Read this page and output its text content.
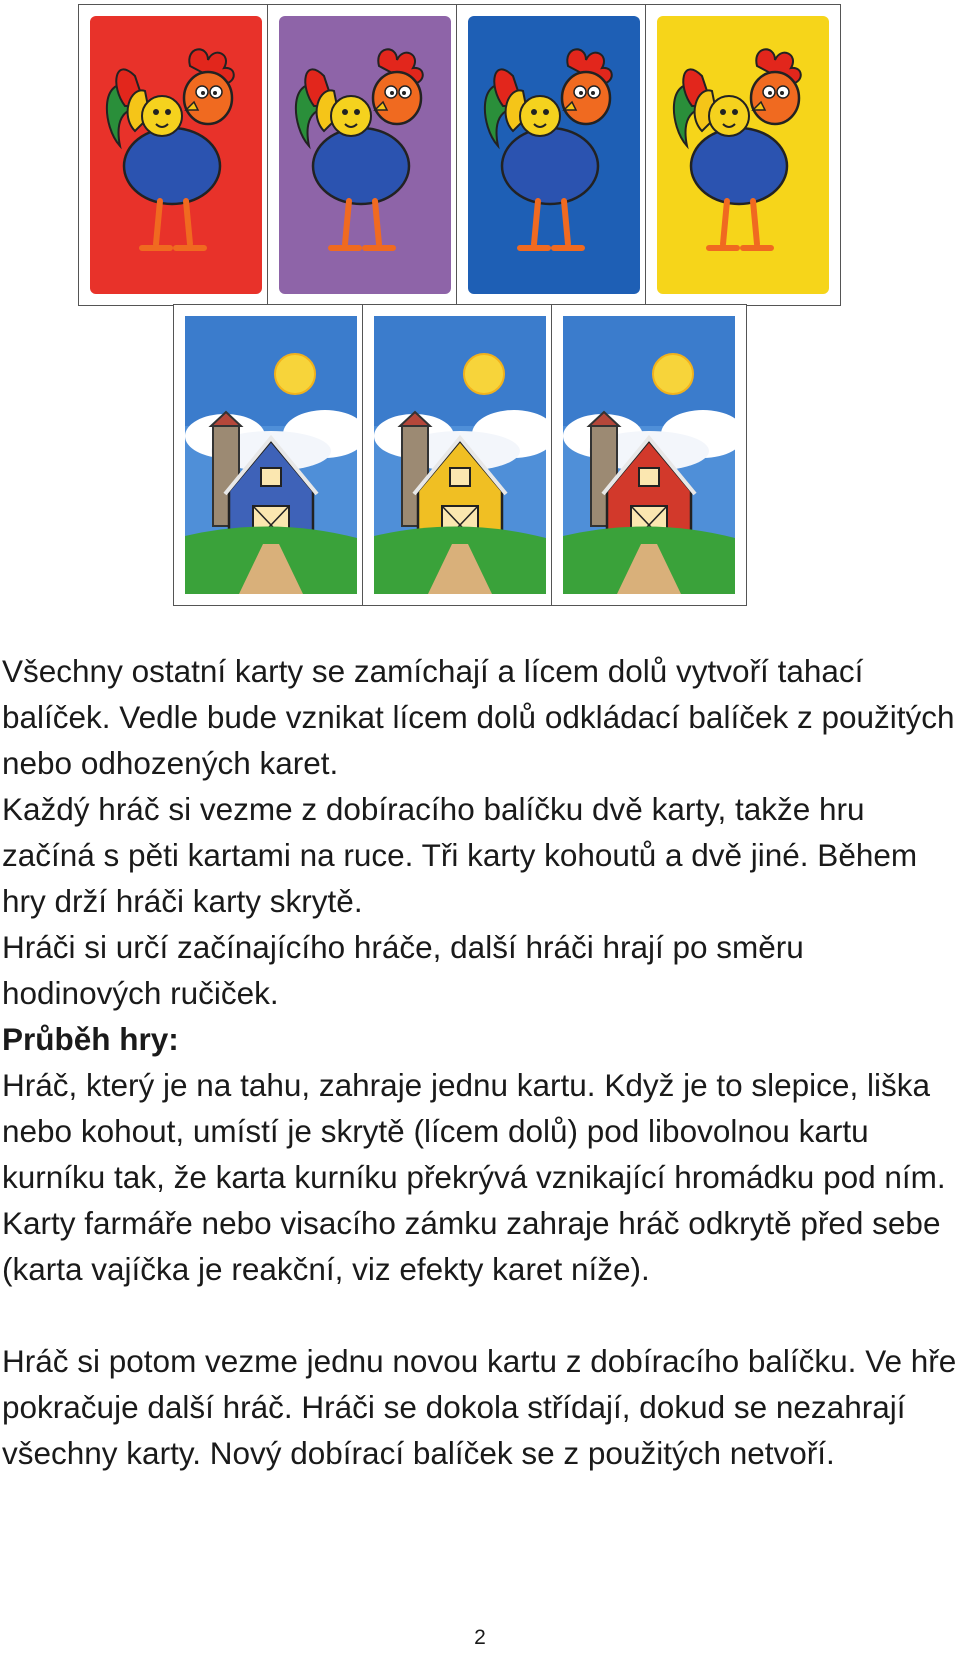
Všechny ostatní karty se zamíchají a lícem dolů vytvoří tahací balíček. Vedle bude vznikat lícem dolů odkládací balíček z použitých nebo odhozených karet.

Každý hráč si vezme z dobíracího balíčku dvě karty, takže hru začíná s pěti kartami na ruce. Tři karty kohoutů a dvě jiné. Během hry drží hráči karty skrytě.

Hráči si určí začínajícího hráče, další hráči hrají po směru hodinových ručiček.

Průběh hry:

Hráč, který je na tahu, zahraje jednu kartu. Když je to slepice, liška nebo kohout, umístí je skrytě (lícem dolů) pod libovolnou kartu kurníku tak, že karta kurníku překrývá vznikající hromádku pod ním.

Karty farmáře nebo visacího zámku zahraje hráč odkrytě před sebe (karta vajíčka je reakční, viz efekty karet níže).

Hráč si potom vezme jednu novou kartu z dobíracího balíčku. Ve hře pokračuje další hráč. Hráči se dokola střídají, dokud se nezahrají všechny karty. Nový dobírací balíček se z použitých netvoří.

2
